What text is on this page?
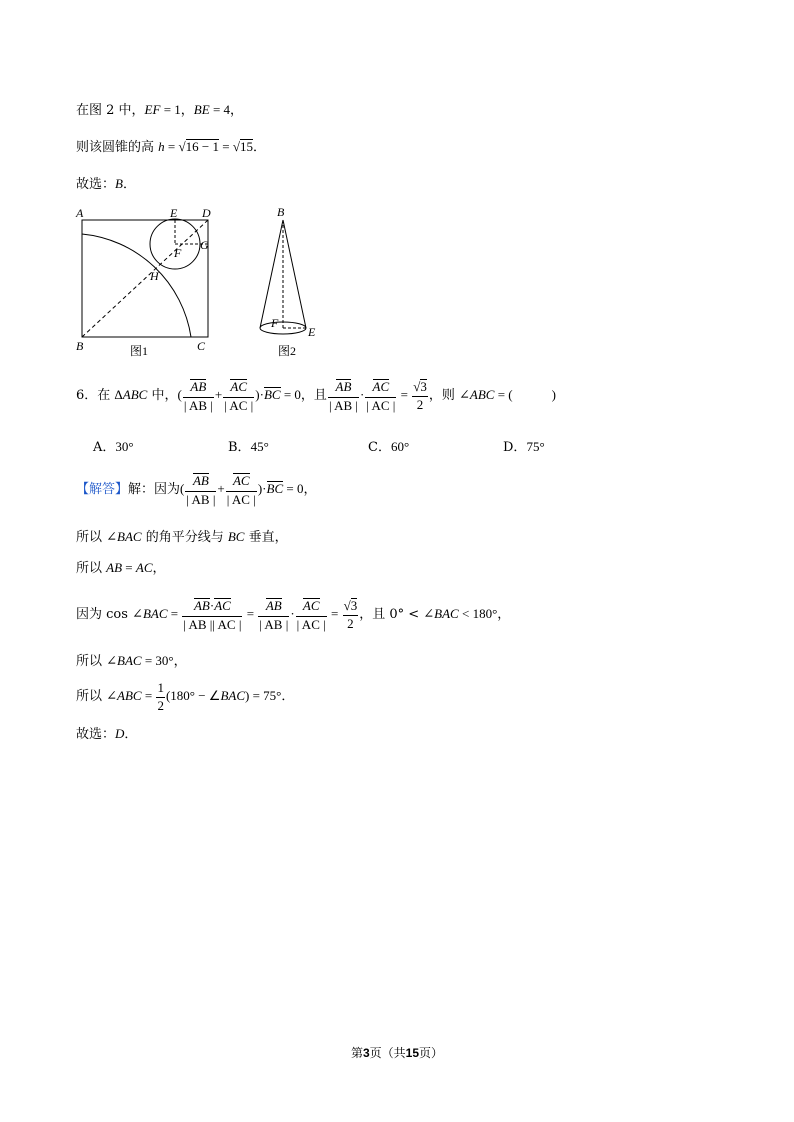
在图 2 中，EF = 1，BE = 4，
则该圆锥的高 h = √16 − 1 = √15．
故选：B．
A	E D
G
F
H
B	C
图1
B
F
E
图2
6．在 ΔABC 中，( $\frac{AB}{| AB |} + \frac{AC}{| AC |} )\cdot BC = 0$，且 $\frac{AB}{| AB |} \cdot \frac{AC}{| AC |} = \frac{√3}{2}$ ，则 ∠ABC = (　　　)
A．30°	B．45°	C．60°	D．75°
【解答】解：因为( $\frac{AB}{| AB |} + \frac{AC}{| AC |} )\cdot BC = 0$，
所以 ∠BAC 的角平分线与 BC 垂直，
所以 AB = AC，
因为 cos ∠BAC = $\frac{AB\cdot AC}{| AB || AC |} = \frac{AB}{| AB |} \cdot \frac{AC}{| AC |} = \frac{√3}{2}$ ，且 0° < ∠BAC < 180°，
所以 ∠BAC = 30°，
所以 ∠ABC = $\frac{1}{2} (180^\circ$ − ∠BAC) = 75°．
故选：D．
第3页（共15页）
